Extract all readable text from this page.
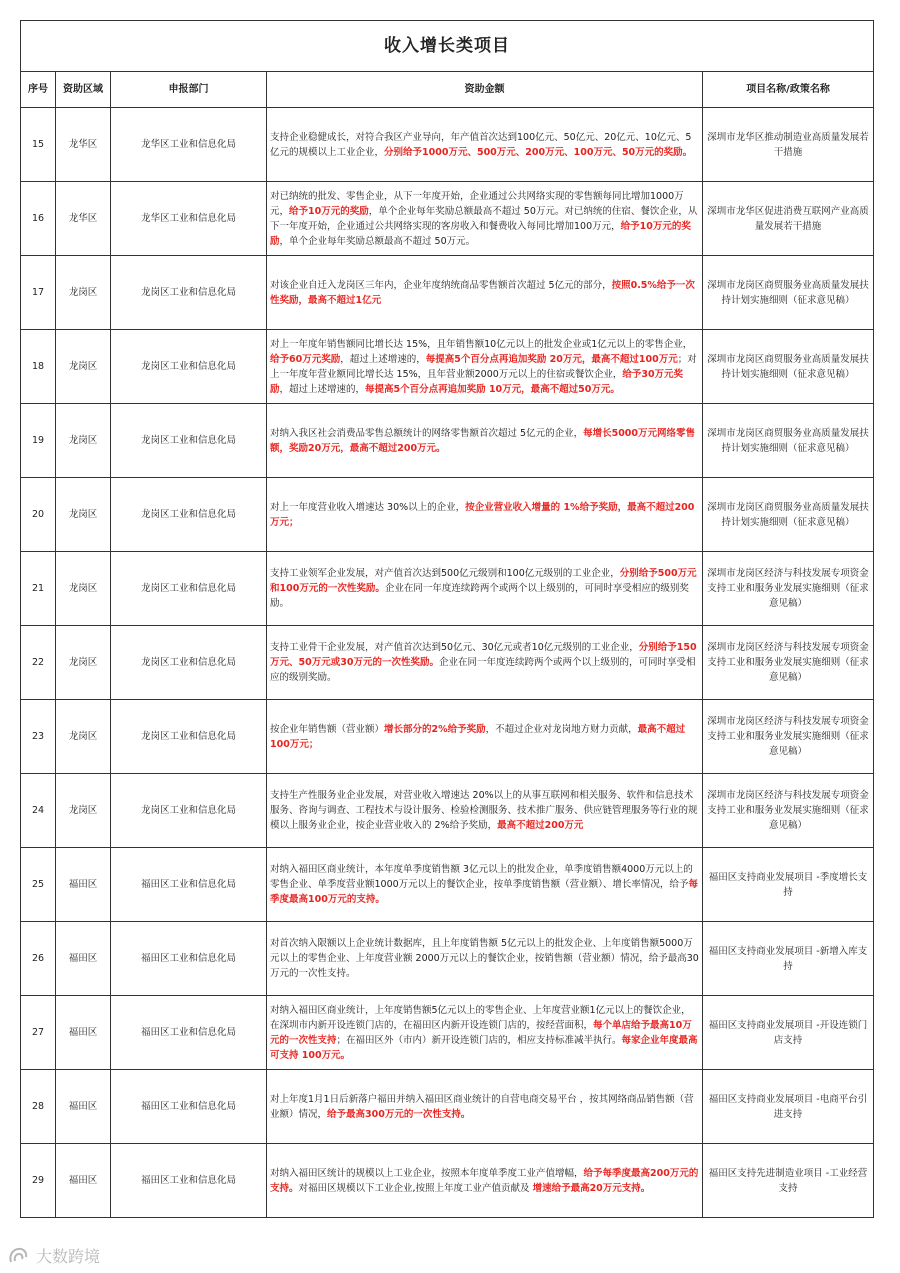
收入增长类项目				
序号	资助区域	申报部门	资助金额	项目名称/政策名称
15	龙华区	龙华区工业和信息化局	支持企业稳健成长，对符合我区产业导向，年产值首次达到100亿元、50亿元、20亿元、10亿元、5亿元的规模以上工业企业，分别给予1000万元、500万元、200万元、100万元、50万元的奖励。	深圳市龙华区推动制造业高质量发展若干措施
16	龙华区	龙华区工业和信息化局	对已纳统的批发、零售企业，从下一年度开始，企业通过公共网络实现的零售额每同比增加1000万元，给予10万元的奖励，单个企业每年奖励总额最高不超过 50万元。对已纳统的住宿、餐饮企业，从下一年度开始，企业通过公共网络实现的客房收入和餐费收入每同比增加100万元，给予10万元的奖励，单个企业每年奖励总额最高不超过 50万元。	深圳市龙华区促进消费互联网产业高质量发展若干措施
17	龙岗区	龙岗区工业和信息化局	对该企业自迁入龙岗区三年内，企业年度纳统商品零售额首次超过 5亿元的部分，按照0.5%给予一次性奖励，最高不超过1亿元	深圳市龙岗区商贸服务业高质量发展扶持计划实施细则（征求意见稿）
18	龙岗区	龙岗区工业和信息化局	对上一年度年销售额同比增长达 15%，且年销售额10亿元以上的批发企业或1亿元以上的零售企业，给予60万元奖励，超过上述增速的，每提高5个百分点再追加奖励 20万元，最高不超过100万元；对上一年度年营业额同比增长达 15%，且年营业额2000万元以上的住宿或餐饮企业，给予30万元奖励，超过上述增速的，每提高5个百分点再追加奖励 10万元，最高不超过50万元。	深圳市龙岗区商贸服务业高质量发展扶持计划实施细则（征求意见稿）
19	龙岗区	龙岗区工业和信息化局	对纳入我区社会消费品零售总额统计的网络零售额首次超过 5亿元的企业，每增长5000万元网络零售额，奖励20万元，最高不超过200万元。	深圳市龙岗区商贸服务业高质量发展扶持计划实施细则（征求意见稿）
20	龙岗区	龙岗区工业和信息化局	对上一年度营业收入增速达 30%以上的企业，按企业营业收入增量的 1%给予奖励，最高不超过200万元；	深圳市龙岗区商贸服务业高质量发展扶持计划实施细则（征求意见稿）
21	龙岗区	龙岗区工业和信息化局	支持工业领军企业发展，对产值首次达到500亿元级别和100亿元级别的工业企业，分别给予500万元和100万元的一次性奖励。企业在同一年度连续跨两个或两个以上级别的，可同时享受相应的级别奖励。	深圳市龙岗区经济与科技发展专项资金支持工业和服务业发展实施细则（征求意见稿）
22	龙岗区	龙岗区工业和信息化局	支持工业骨干企业发展，对产值首次达到50亿元、30亿元或者10亿元级别的工业企业，分别给予150万元、50万元或30万元的一次性奖励。企业在同一年度连续跨两个或两个以上级别的，可同时享受相应的级别奖励。	深圳市龙岗区经济与科技发展专项资金支持工业和服务业发展实施细则（征求意见稿）
23	龙岗区	龙岗区工业和信息化局	按企业年销售额（营业额）增长部分的2%给予奖励，不超过企业对龙岗地方财力贡献，最高不超过100万元；	深圳市龙岗区经济与科技发展专项资金支持工业和服务业发展实施细则（征求意见稿）
24	龙岗区	龙岗区工业和信息化局	支持生产性服务业企业发展，对营业收入增速达 20%以上的从事互联网和相关服务、软件和信息技术服务、咨询与调查、工程技术与设计服务、检验检测服务、技术推广服务、供应链管理服务等行业的规模以上服务业企业，按企业营业收入的 2%给予奖励，最高不超过200万元	深圳市龙岗区经济与科技发展专项资金支持工业和服务业发展实施细则（征求意见稿）
25	福田区	福田区工业和信息化局	对纳入福田区商业统计，本年度单季度销售额 3亿元以上的批发企业，单季度销售额4000万元以上的零售企业、单季度营业额1000万元以上的餐饮企业，按单季度销售额（营业额）、增长率情况，给予每季度最高100万元的支持。	福田区支持商业发展项目 -季度增长支持
26	福田区	福田区工业和信息化局	对首次纳入限额以上企业统计数据库，且上年度销售额 5亿元以上的批发企业、上年度销售额5000万元以上的零售企业、上年度营业额 2000万元以上的餐饮企业，按销售额（营业额）情况，给予最高30万元的一次性支持。	福田区支持商业发展项目 -新增入库支持
27	福田区	福田区工业和信息化局	对纳入福田区商业统计，上年度销售额5亿元以上的零售企业、上年度营业额1亿元以上的餐饮企业，在深圳市内新开设连锁门店的，在福田区内新开设连锁门店的，按经营面积，每个单店给予最高10万元的一次性支持；在福田区外（市内）新开设连锁门店的，相应支持标准减半执行。每家企业年度最高可支持 100万元。	福田区支持商业发展项目 -开设连锁门店支持
28	福田区	福田区工业和信息化局	对上年度1月1日后新落户福田并纳入福田区商业统计的自营电商交易平台 ，按其网络商品销售额（营业额）情况，给予最高300万元的一次性支持。	福田区支持商业发展项目 -电商平台引进支持
29	福田区	福田区工业和信息化局	对纳入福田区统计的规模以上工业企业，按照本年度单季度工业产值增幅，给予每季度最高200万元的支持。对福田区规模以下工业企业,按照上年度工业产值贡献及 增速给予最高20万元支持。	福田区支持先进制造业项目 -工业经营支持
大数跨境
